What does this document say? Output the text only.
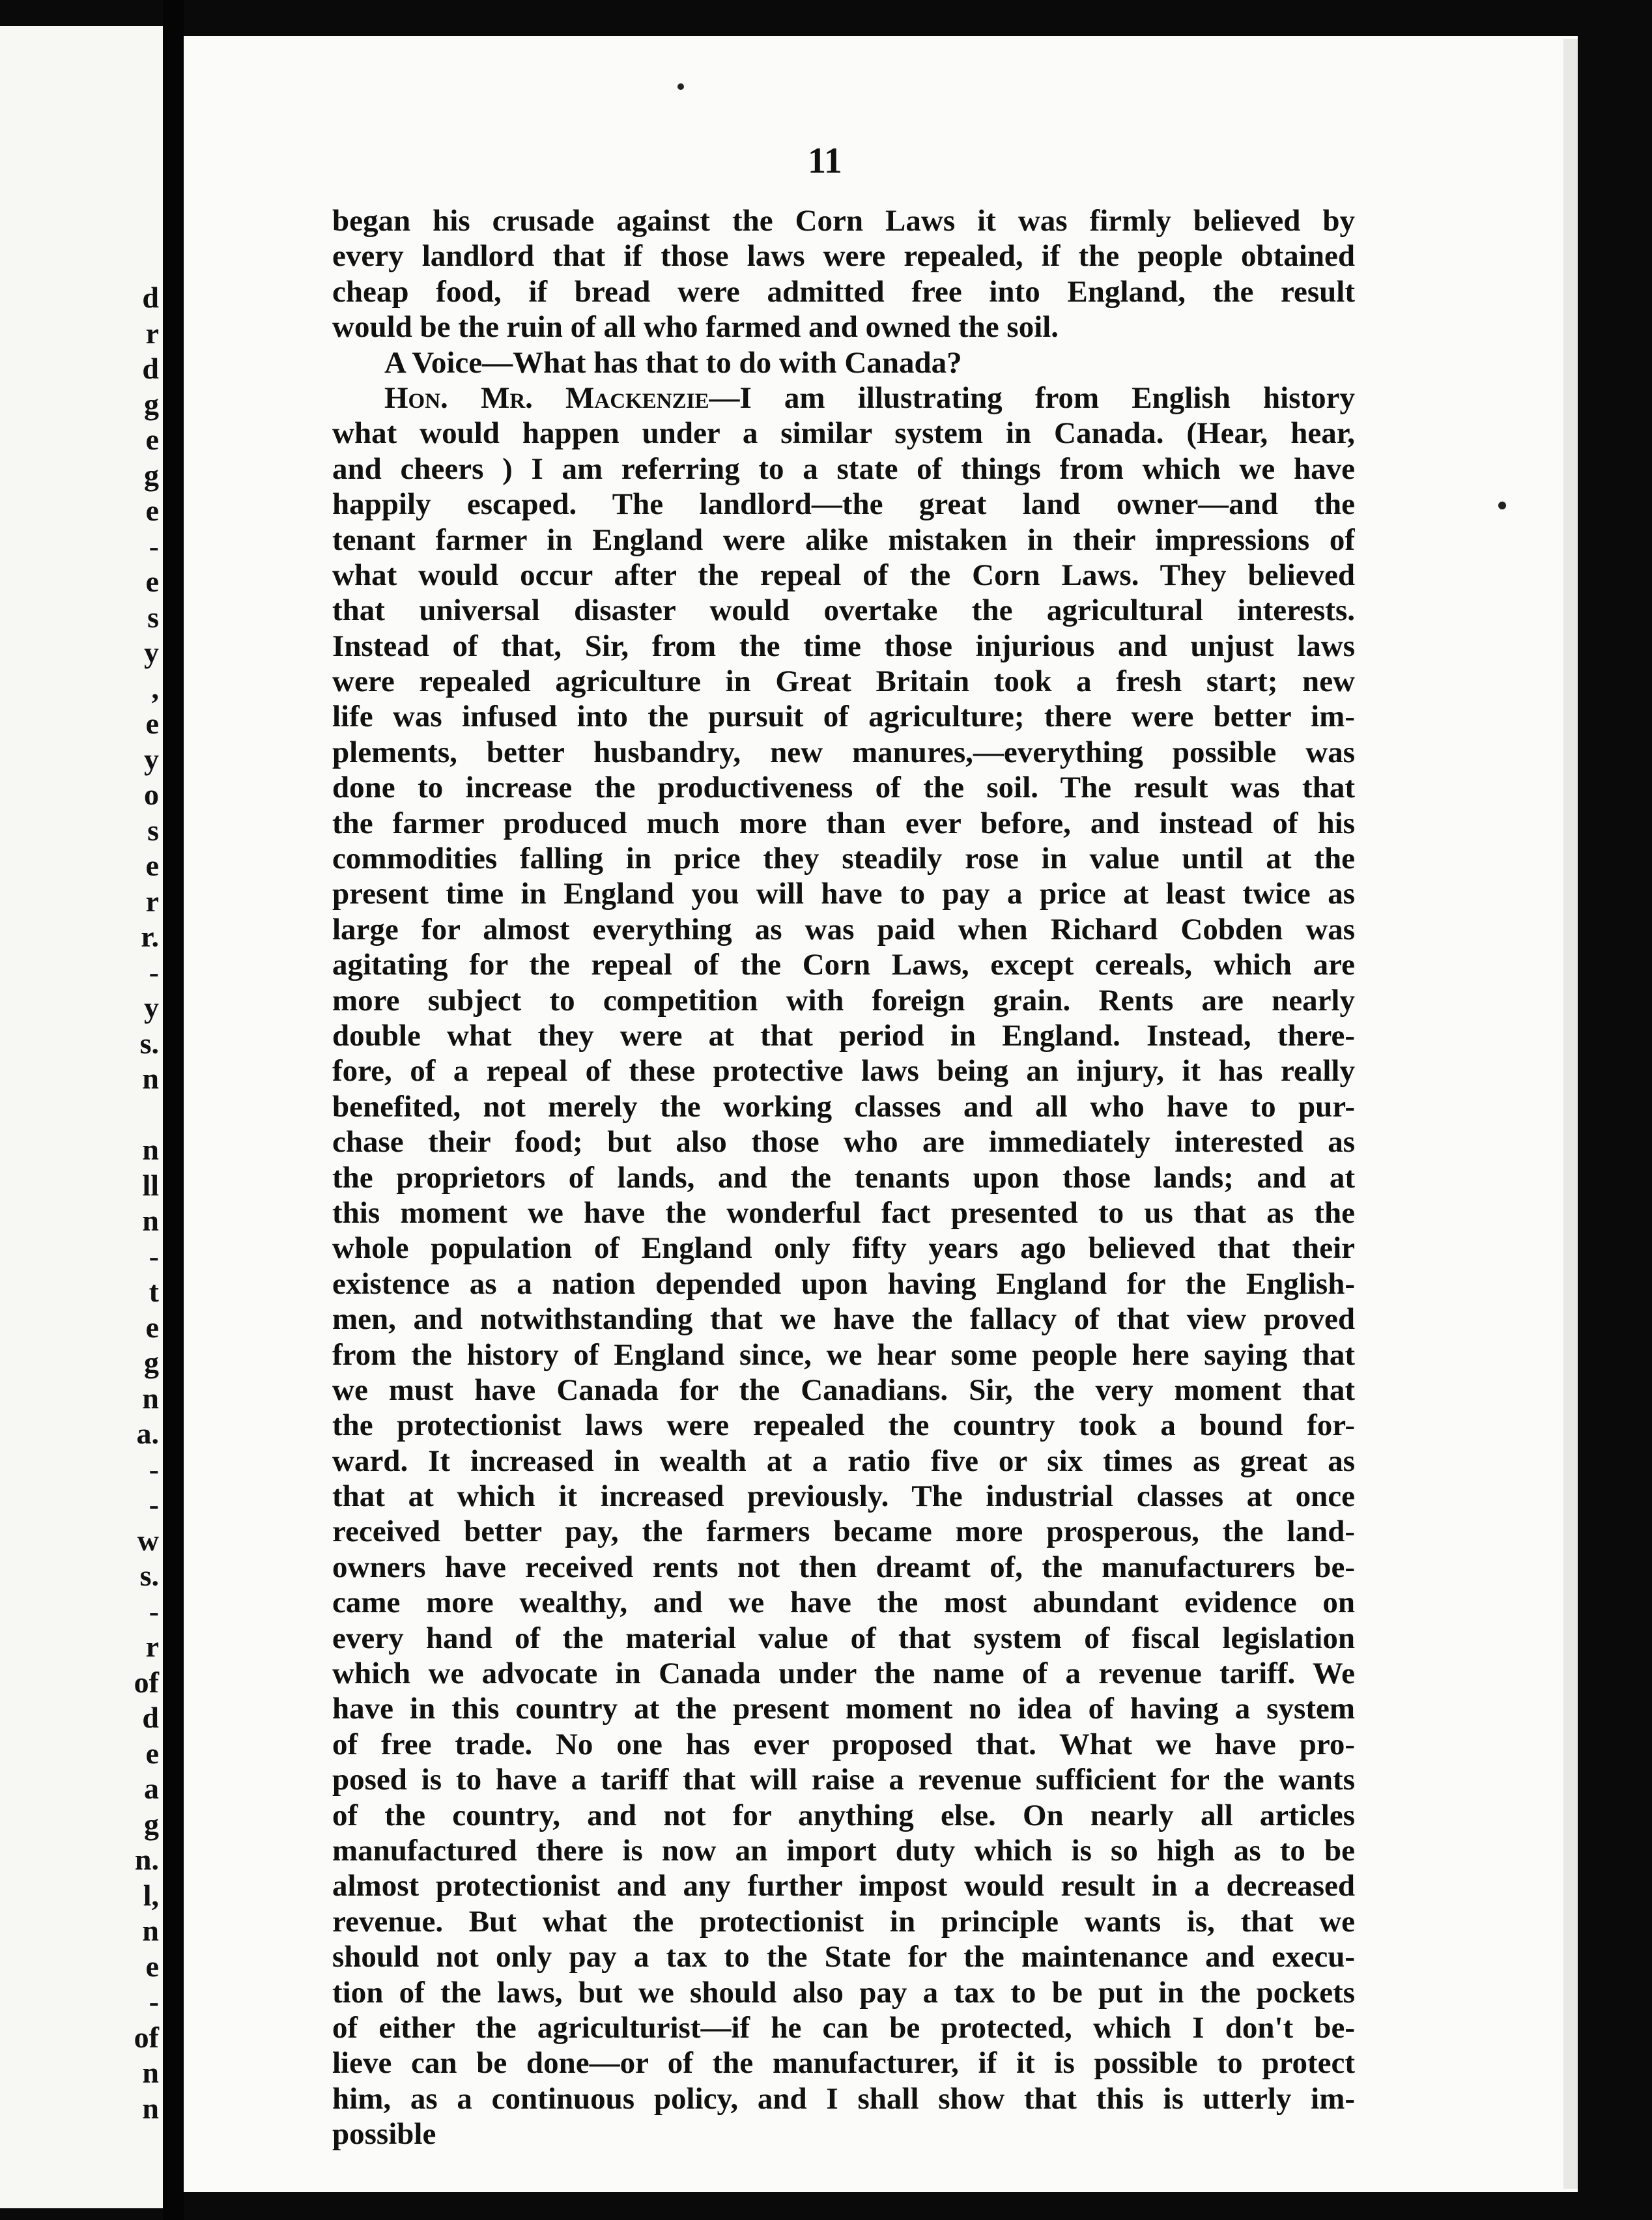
d
r
d
g
e
g
e
-
e
s
y
,
e
y
o
s
e
r
r.
-
y
s.
n
n
ll
n
-
t
e
g
n
a.
-
-
w
s.
-
r
of
d
e
a
g
n.
l,
n
e
-
of
n
n
11
began his crusade against the Corn Laws it was firmly believed by
every landlord that if those laws were repealed, if the people obtained
cheap food, if bread were admitted free into England, the result
would be the ruin of all who farmed and owned the soil.
A Voice—What has that to do with Canada?
Hon. Mr. Mackenzie—I am illustrating from English history
what would happen under a similar system in Canada. (Hear, hear,
and cheers ) I am referring to a state of things from which we have
happily escaped. The landlord—the great land owner—and the
tenant farmer in England were alike mistaken in their impressions of
what would occur after the repeal of the Corn Laws. They believed
that universal disaster would overtake the agricultural interests.
Instead of that, Sir, from the time those injurious and unjust laws
were repealed agriculture in Great Britain took a fresh start; new
life was infused into the pursuit of agriculture; there were better im-
plements, better husbandry, new manures,—everything possible was
done to increase the productiveness of the soil. The result was that
the farmer produced much more than ever before, and instead of his
commodities falling in price they steadily rose in value until at the
present time in England you will have to pay a price at least twice as
large for almost everything as was paid when Richard Cobden was
agitating for the repeal of the Corn Laws, except cereals, which are
more subject to competition with foreign grain. Rents are nearly
double what they were at that period in England. Instead, there-
fore, of a repeal of these protective laws being an injury, it has really
benefited, not merely the working classes and all who have to pur-
chase their food; but also those who are immediately interested as
the proprietors of lands, and the tenants upon those lands; and at
this moment we have the wonderful fact presented to us that as the
whole population of England only fifty years ago believed that their
existence as a nation depended upon having England for the English-
men, and notwithstanding that we have the fallacy of that view proved
from the history of England since, we hear some people here saying that
we must have Canada for the Canadians. Sir, the very moment that
the protectionist laws were repealed the country took a bound for-
ward. It increased in wealth at a ratio five or six times as great as
that at which it increased previously. The industrial classes at once
received better pay, the farmers became more prosperous, the land-
owners have received rents not then dreamt of, the manufacturers be-
came more wealthy, and we have the most abundant evidence on
every hand of the material value of that system of fiscal legislation
which we advocate in Canada under the name of a revenue tariff. We
have in this country at the present moment no idea of having a system
of free trade. No one has ever proposed that. What we have pro-
posed is to have a tariff that will raise a revenue sufficient for the wants
of the country, and not for anything else. On nearly all articles
manufactured there is now an import duty which is so high as to be
almost protectionist and any further impost would result in a decreased
revenue. But what the protectionist in principle wants is, that we
should not only pay a tax to the State for the maintenance and execu-
tion of the laws, but we should also pay a tax to be put in the pockets
of either the agriculturist—if he can be protected, which I don't be-
lieve can be done—or of the manufacturer, if it is possible to protect
him, as a continuous policy, and I shall show that this is utterly im-
possible
